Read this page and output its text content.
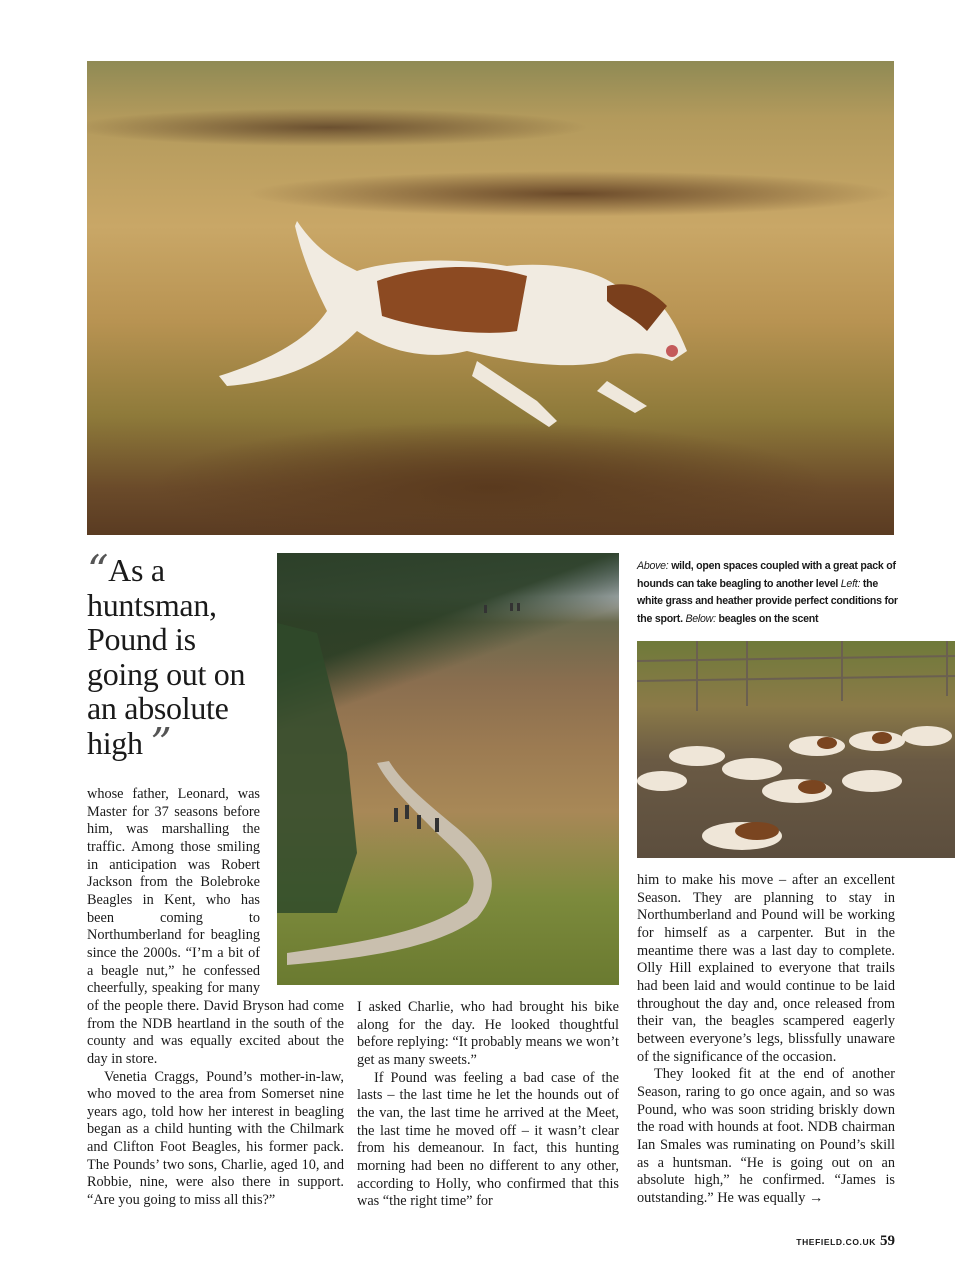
“As a huntsman, Pound is going out on an absolute high ”
Above: wild, open spaces coupled with a great pack of hounds can take beagling to another level Left: the white grass and heather provide perfect conditions for the sport. Below: beagles on the scent

whose father, Leonard, was Master for 37 seasons before him, was marshalling the traffic. Among those smiling in anticipation was Robert Jackson from the Bolebroke Beagles in Kent, who has been coming to Northumberland for beagling since the 2000s. “I’m a bit of a beagle nut,” he confessed cheerfully, speaking for many of the people there. David Bryson had come from the NDB heartland in the south of the county and was equally excited about the day in store.

Venetia Craggs, Pound’s mother-in-law, who moved to the area from Somerset nine years ago, told how her interest in beagling began as a child hunting with the Chilmark and Clifton Foot Beagles, his former pack. The Pounds’ two sons, Charlie, aged 10, and Robbie, nine, were also there in support. “Are you going to miss all this?”

I asked Charlie, who had brought his bike along for the day. He looked thoughtful before replying: “It probably means we won’t get as many sweets.”

If Pound was feeling a bad case of the lasts – the last time he let the hounds out of the van, the last time he arrived at the Meet, the last time he moved off – it wasn’t clear from his demeanour. In fact, this hunting morning had been no different to any other, according to Holly, who confirmed that this was “the right time” for

him to make his move – after an excellent Season. They are planning to stay in Northumberland and Pound will be working for himself as a carpenter. But in the meantime there was a last day to complete. Olly Hill explained to everyone that trails had been laid and would continue to be laid throughout the day and, once released from their van, the beagles scampered eagerly between everyone’s legs, blissfully unaware of the significance of the occasion.

They looked fit at the end of another Season, raring to go once again, and so was Pound, who was soon striding briskly down the road with hounds at foot. NDB chairman Ian Smales was ruminating on Pound’s skill as a huntsman. “He is going out on an absolute high,” he confirmed. “James is outstanding.” He was equally →

THEFIELD.CO.UK 59
